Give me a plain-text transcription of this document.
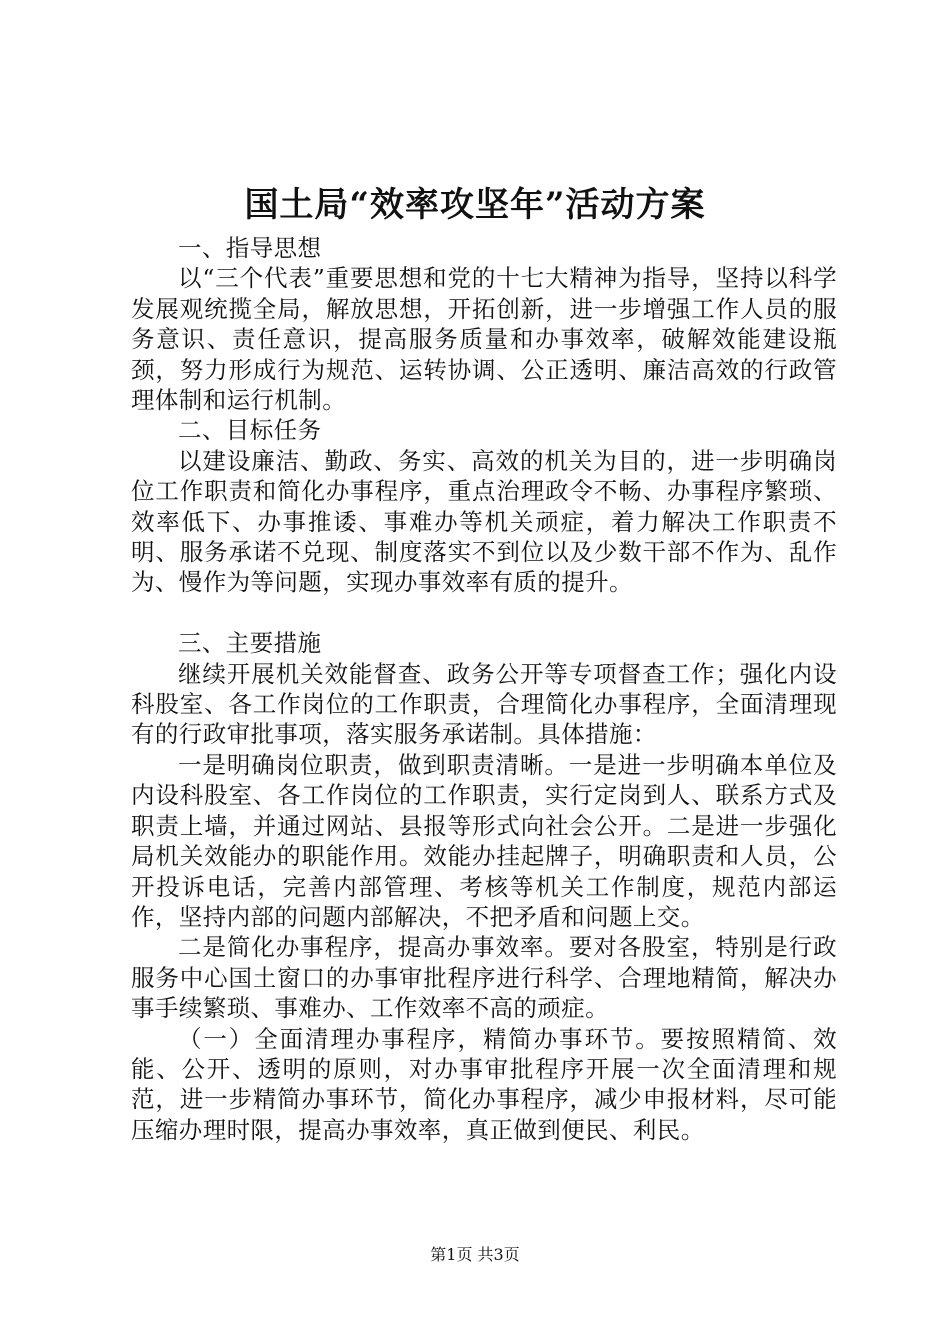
国土局“效率攻坚年”活动方案

一、指导思想

以“三个代表”重要思想和党的十七大精神为指导，坚持以科学发展观统揽全局，解放思想，开拓创新，进一步增强工作人员的服务意识、责任意识，提高服务质量和办事效率，破解效能建设瓶颈，努力形成行为规范、运转协调、公正透明、廉洁高效的行政管理体制和运行机制。

二、目标任务

以建设廉洁、勤政、务实、高效的机关为目的，进一步明确岗位工作职责和简化办事程序，重点治理政令不畅、办事程序繁琐、效率低下、办事推诿、事难办等机关顽症，着力解决工作职责不明、服务承诺不兑现、制度落实不到位以及少数干部不作为、乱作为、慢作为等问题，实现办事效率有质的提升。

三、主要措施

继续开展机关效能督查、政务公开等专项督查工作；强化内设科股室、各工作岗位的工作职责，合理简化办事程序，全面清理现有的行政审批事项，落实服务承诺制。具体措施：

一是明确岗位职责，做到职责清晰。一是进一步明确本单位及内设科股室、各工作岗位的工作职责，实行定岗到人、联系方式及职责上墙，并通过网站、县报等形式向社会公开。二是进一步强化局机关效能办的职能作用。效能办挂起牌子，明确职责和人员，公开投诉电话，完善内部管理、考核等机关工作制度，规范内部运作，坚持内部的问题内部解决，不把矛盾和问题上交。

二是简化办事程序，提高办事效率。要对各股室，特别是行政服务中心国土窗口的办事审批程序进行科学、合理地精简，解决办事手续繁琐、事难办、工作效率不高的顽症。

（一）全面清理办事程序，精简办事环节。要按照精简、效能、公开、透明的原则，对办事审批程序开展一次全面清理和规范，进一步精简办事环节，简化办事程序，减少申报材料，尽可能压缩办理时限，提高办事效率，真正做到便民、利民。

第1页 共3页
